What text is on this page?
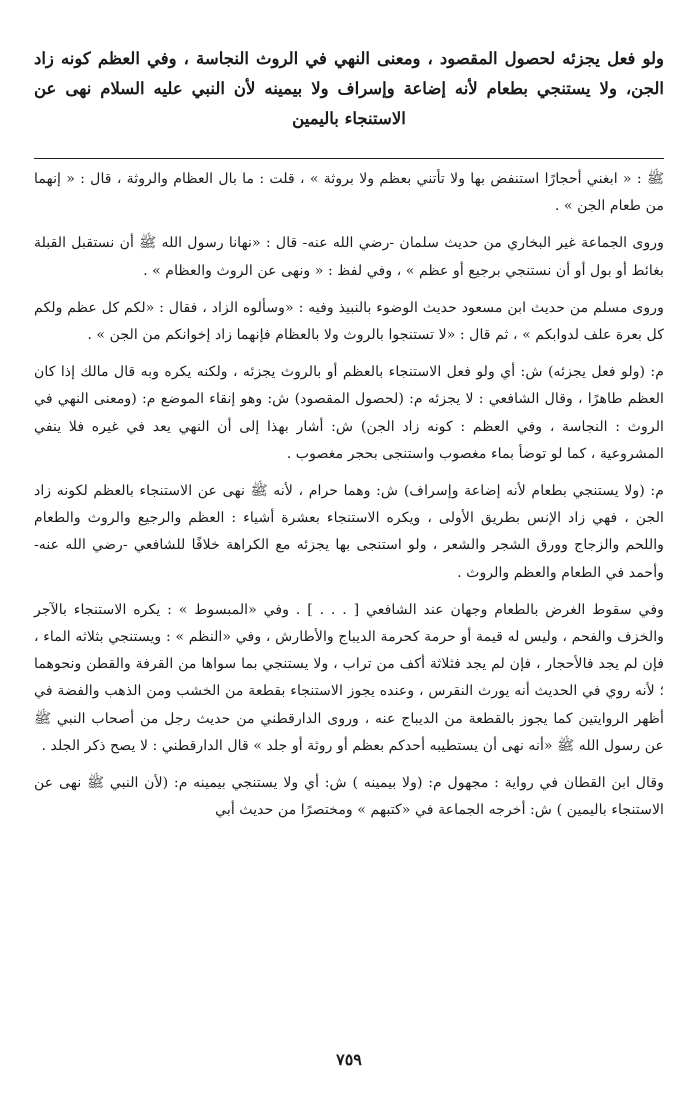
ولو فعل يجزئه لحصول المقصود ، ومعنى النهي في الروث النجاسة ، وفي العظم كونه زاد الجن، ولا يستنجي بطعام لأنه إضاعة وإسراف ولا بيمينه لأن النبي عليه السلام نهى عن الاستنجاء باليمين

ﷺ : « ابغني أحجارًا استنفض بها ولا تأتني بعظم ولا بروثة » ، قلت : ما بال العظام والروثة ، قال : « إنهما من طعام الجن » .

وروى الجماعة غير البخاري من حديث سلمان -رضي الله عنه- قال : «نهانا رسول الله ﷺ أن نستقبل القبلة بغائط أو بول أو أن نستنجي برجيع أو عظم » ، وفي لفظ : « ونهى عن الروث والعظام » .

وروى مسلم من حديث ابن مسعود حديث الوضوء بالنبيذ وفيه : «وسألوه الزاد ، فقال : «لكم كل عظم ولكم كل بعرة علف لدوابكم » ، ثم قال : «لا تستنجوا بالروث ولا بالعظام فإنهما زاد إخوانكم من الجن » .

م: (ولو فعل يجزئه) ش: أي ولو فعل الاستنجاء بالعظم أو بالروث يجزئه ، ولكنه يكره وبه قال مالك إذا كان العظم طاهرًا ، وقال الشافعي : لا يجزئه م: (لحصول المقصود) ش: وهو إنقاء الموضع م: (ومعنى النهي في الروث : النجاسة ، وفي العظم : كونه زاد الجن) ش: أشار بهذا إلى أن النهي يعد في غيره فلا ينفي المشروعية ، كما لو توضأ بماء مغصوب واستنجى بحجر مغصوب .

م: (ولا يستنجي بطعام لأنه إضاعة وإسراف) ش: وهما حرام ، لأنه ﷺ نهى عن الاستنجاء بالعظم لكونه زاد الجن ، فهي زاد الإنس بطريق الأولى ، ويكره الاستنجاء بعشرة أشياء : العظم والرجيع والروث والطعام واللحم والزجاج وورق الشجر والشعر ، ولو استنجى بها يجزئه مع الكراهة خلافًا للشافعي -رضي الله عنه- وأحمد في الطعام والعظم والروث .

وفي سقوط الغرض بالطعام وجهان عند الشافعي [ . . . ] . وفي «المبسوط » : يكره الاستنجاء بالآجر والخزف والفحم ، وليس له قيمة أو حرمة كحرمة الديباج والأطارش ، وفي «النظم » : ويستنجي بثلاثه الماء ، فإن لم يجد فالأحجار ، فإن لم يجد فثلاثة أكف من تراب ، ولا يستنجي بما سواها من القرفة والقطن ونحوهما ؛ لأنه روي في الحديث أنه يورث النقرس ، وعنده يجوز الاستنجاء بقطعة من الخشب ومن الذهب والفضة في أظهر الروايتين كما يجوز بالقطعة من الديباج عنه ، وروى الدارقطني من حديث رجل من أصحاب النبي ﷺ عن رسول الله ﷺ «أنه نهى أن يستطيبه أحدكم بعظم أو روثة أو جلد » قال الدارقطني : لا يصح ذكر الجلد .

وقال ابن القطان في رواية : مجهول م: (ولا بيمينه ) ش: أي ولا يستنجي بيمينه م: (لأن النبي ﷺ نهى عن الاستنجاء باليمين ) ش: أخرجه الجماعة في «كتبهم » ومختصرًا من حديث أبي

٧٥٩
